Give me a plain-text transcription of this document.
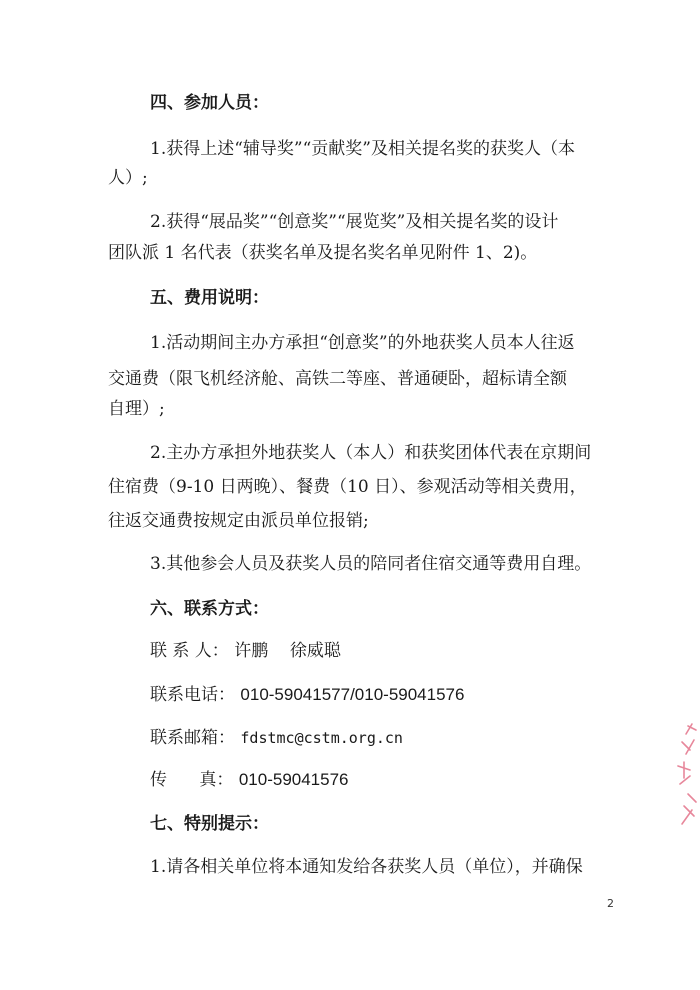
四、参加人员：
1.获得上述“辅导奖”“贡献奖”及相关提名奖的获奖人（本
人）;
2.获得“展品奖”“创意奖”“展览奖”及相关提名奖的设计
团队派 1 名代表（获奖名单及提名奖名单见附件 1、2)。
五、费用说明：
1.活动期间主办方承担“创意奖”的外地获奖人员本人往返
交通费（限飞机经济舱、高铁二等座、普通硬卧，超标请全额
自理）;
2.主办方承担外地获奖人（本人）和获奖团体代表在京期间
住宿费（9-10 日两晚）、餐费（10 日）、参观活动等相关费用，
往返交通费按规定由派员单位报销;
3.其他参会人员及获奖人员的陪同者住宿交通等费用自理。
六、联系方式：
联 系 人： 许鹏    徐威聪
联系电话： 010-59041577/010-59041576
联系邮箱： fdstmc@cstm.org.cn
传      真： 010-59041576
七、特别提示：
1.请各相关单位将本通知发给各获奖人员（单位），并确保
2
